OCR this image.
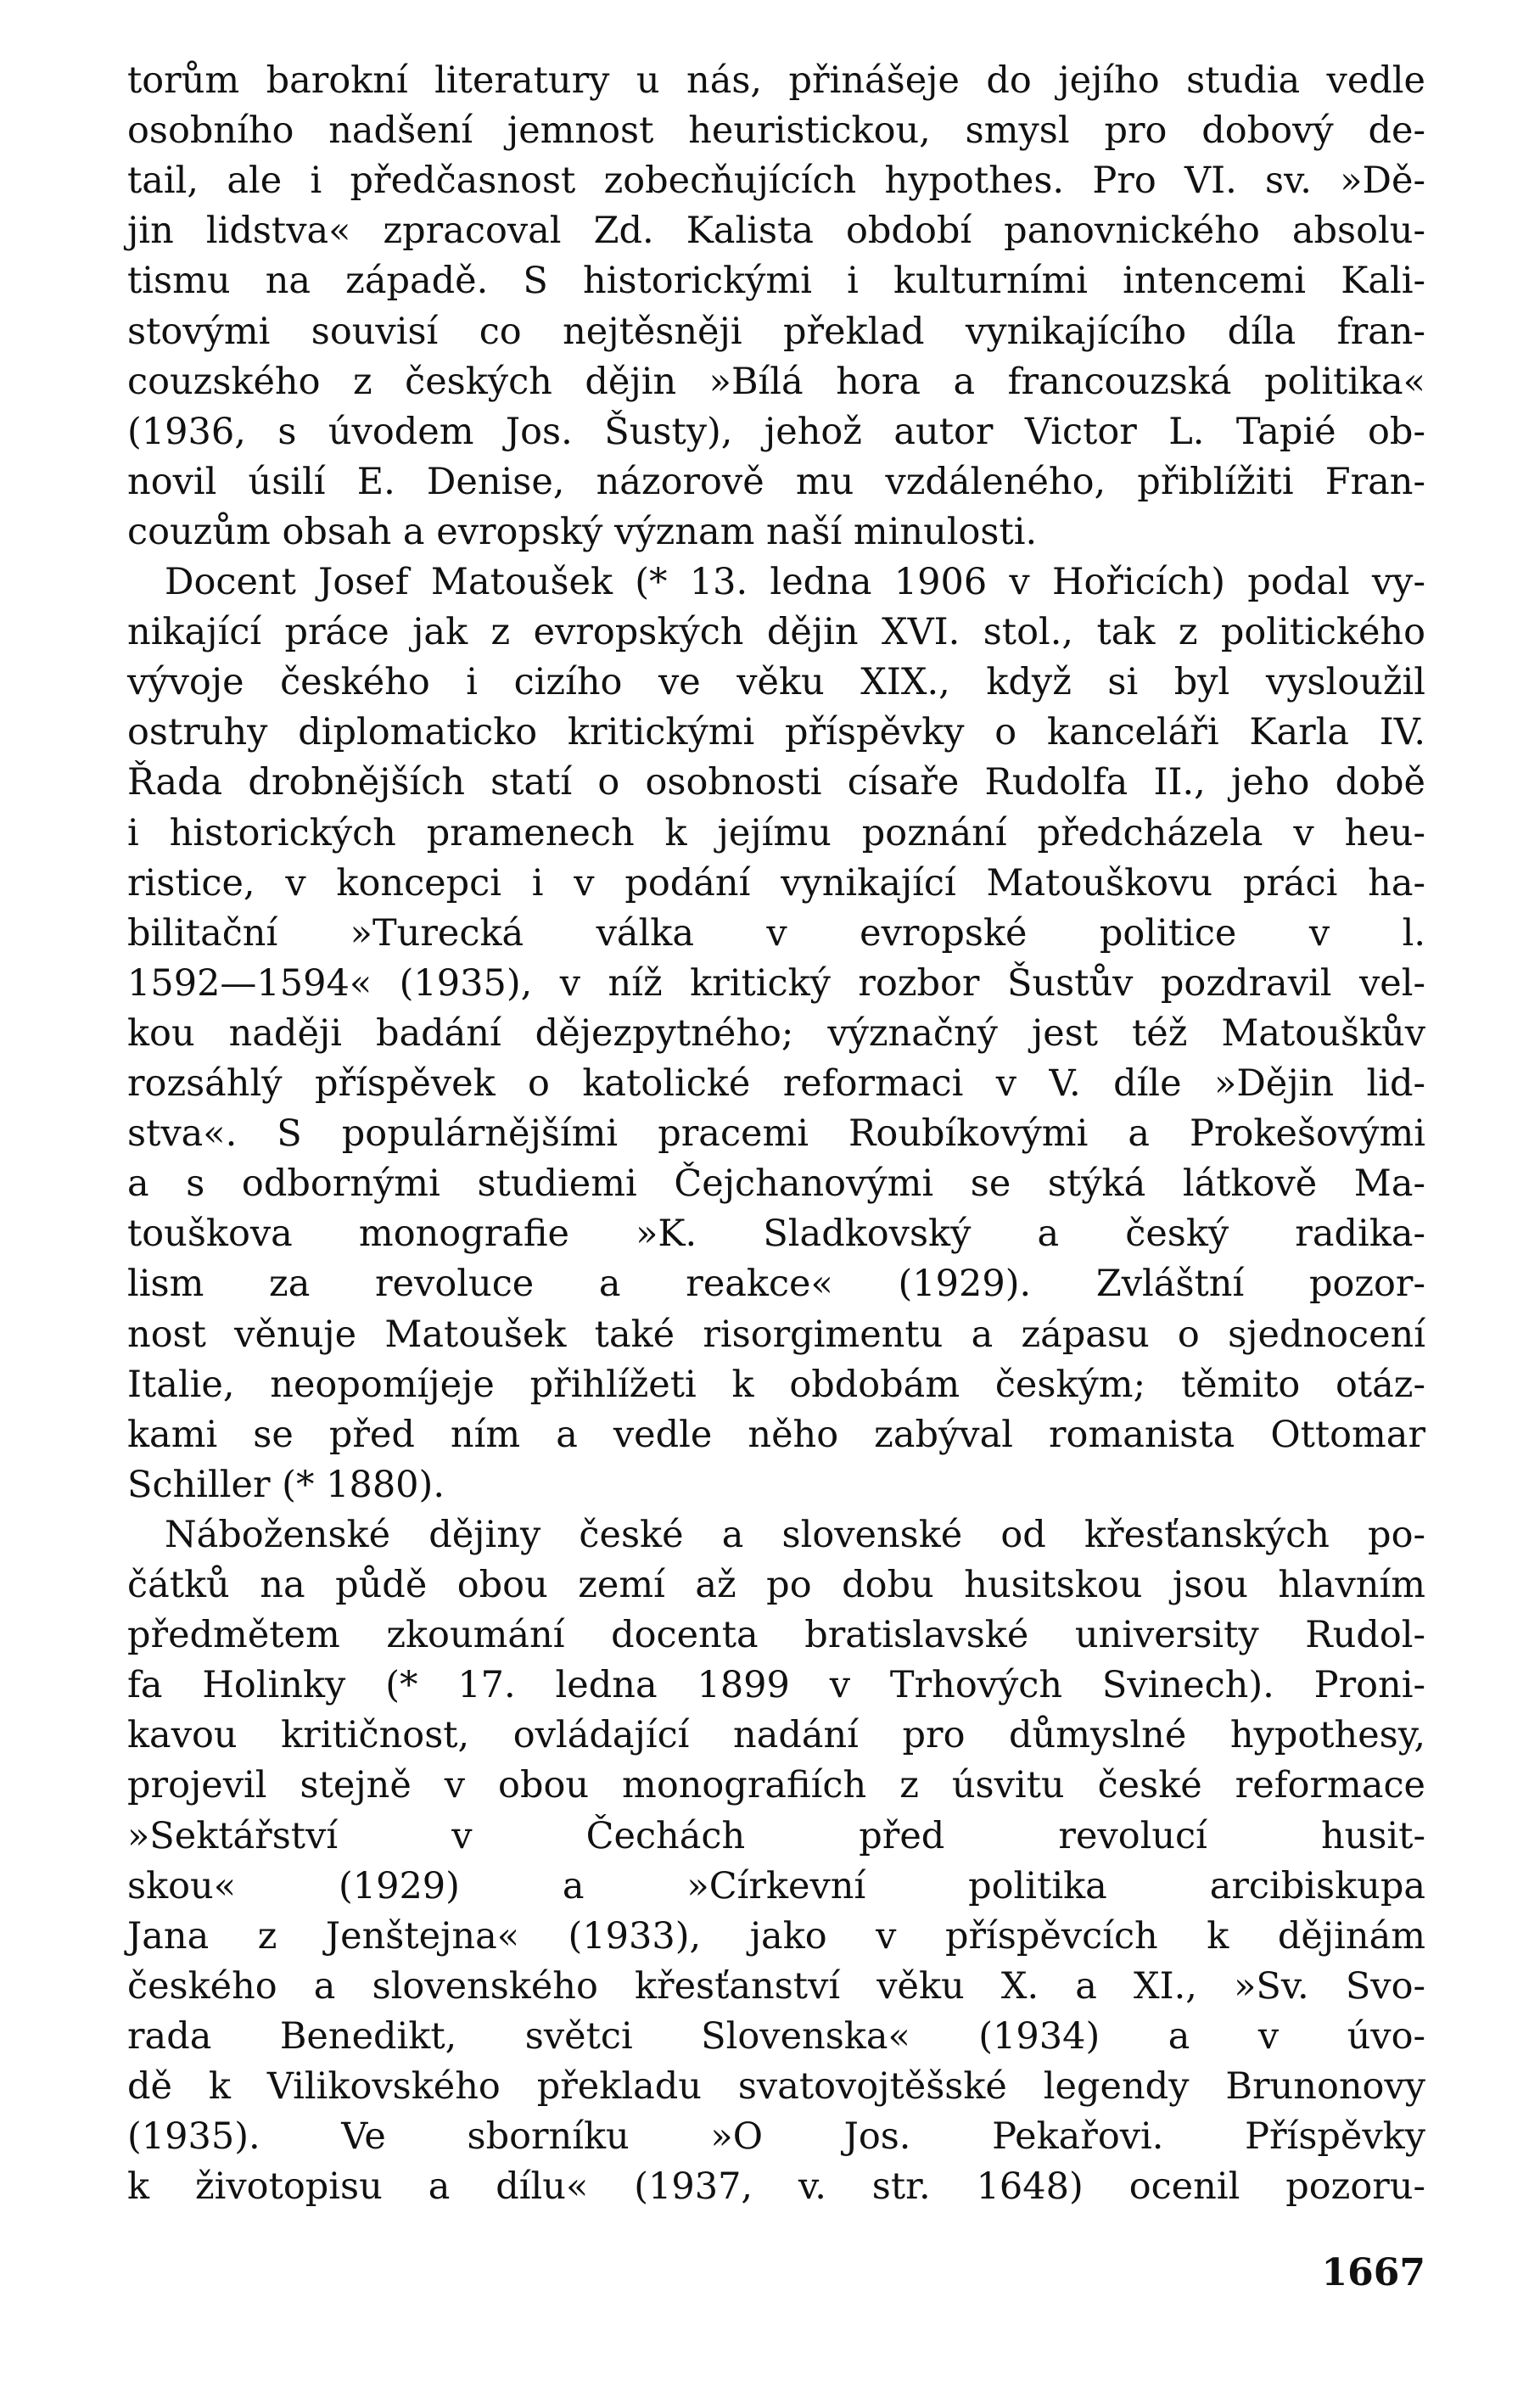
torům barokní literatury u nás, přinášeje do jejího studia vedle
osobního nadšení jemnost heuristickou, smysl pro dobový de-
tail, ale i předčasnost zobecňujících hypothes. Pro VI. sv. »Dě-
jin lidstva« zpracoval Zd. Kalista období panovnického absolu-
tismu na západě. S historickými i kulturními intencemi Kali-
stovými souvisí co nejtěsněji překlad vynikajícího díla fran-
couzského z českých dějin »Bílá hora a francouzská politika«
(1936, s úvodem Jos. Šusty), jehož autor Victor L. Tapié ob-
novil úsilí E. Denise, názorově mu vzdáleného, přiblížiti Fran-
couzům obsah a evropský význam naší minulosti.
Docent Josef Matoušek (* 13. ledna 1906 v Hořicích) podal vy-
nikající práce jak z evropských dějin XVI. stol., tak z politického
vývoje českého i cizího ve věku XIX., když si byl vysloužil
ostruhy diplomaticko kritickými příspěvky o kanceláři Karla IV.
Řada drobnějších statí o osobnosti císaře Rudolfa II., jeho době
i historických pramenech k jejímu poznání předcházela v heu-
ristice, v koncepci i v podání vynikající Matouškovu práci ha-
bilitační »Turecká válka v evropské politice v l.
1592—1594« (1935), v níž kritický rozbor Šustův pozdravil vel-
kou naději badání dějezpytného; význačný jest též Matouškův
rozsáhlý příspěvek o katolické reformaci v V. díle »Dějin lid-
stva«. S populárnějšími pracemi Roubíkovými a Prokešovými
a s odbornými studiemi Čejchanovými se stýká látkově Ma-
touškova monografie »K. Sladkovský a český radika-
lism za revoluce a reakce« (1929). Zvláštní pozor-
nost věnuje Matoušek také risorgimentu a zápasu o sjednocení
Italie, neopomíjeje přihlížeti k obdobám českým; těmito otáz-
kami se před ním a vedle něho zabýval romanista Ottomar
Schiller (* 1880).
Náboženské dějiny české a slovenské od křesťanských po-
čátků na půdě obou zemí až po dobu husitskou jsou hlavním
předmětem zkoumání docenta bratislavské university Rudol-
fa Holinky (* 17. ledna 1899 v Trhových Svinech). Proni-
kavou kritičnost, ovládající nadání pro důmyslné hypothesy,
projevil stejně v obou monografiích z úsvitu české reformace
»Sektářství v Čechách před revolucí husit-
skou« (1929) a »Církevní politika arcibiskupa
Jana z Jenštejna« (1933), jako v příspěvcích k dějinám
českého a slovenského křesťanství věku X. a XI., »Sv. Svo-
rada Benedikt, světci Slovenska« (1934) a v úvo-
dě k Vilikovského překladu svatovojtěšské legendy Brunonovy
(1935). Ve sborníku »O Jos. Pekařovi. Příspěvky
k životopisu a dílu« (1937, v. str. 1648) ocenil pozoru-
1667
